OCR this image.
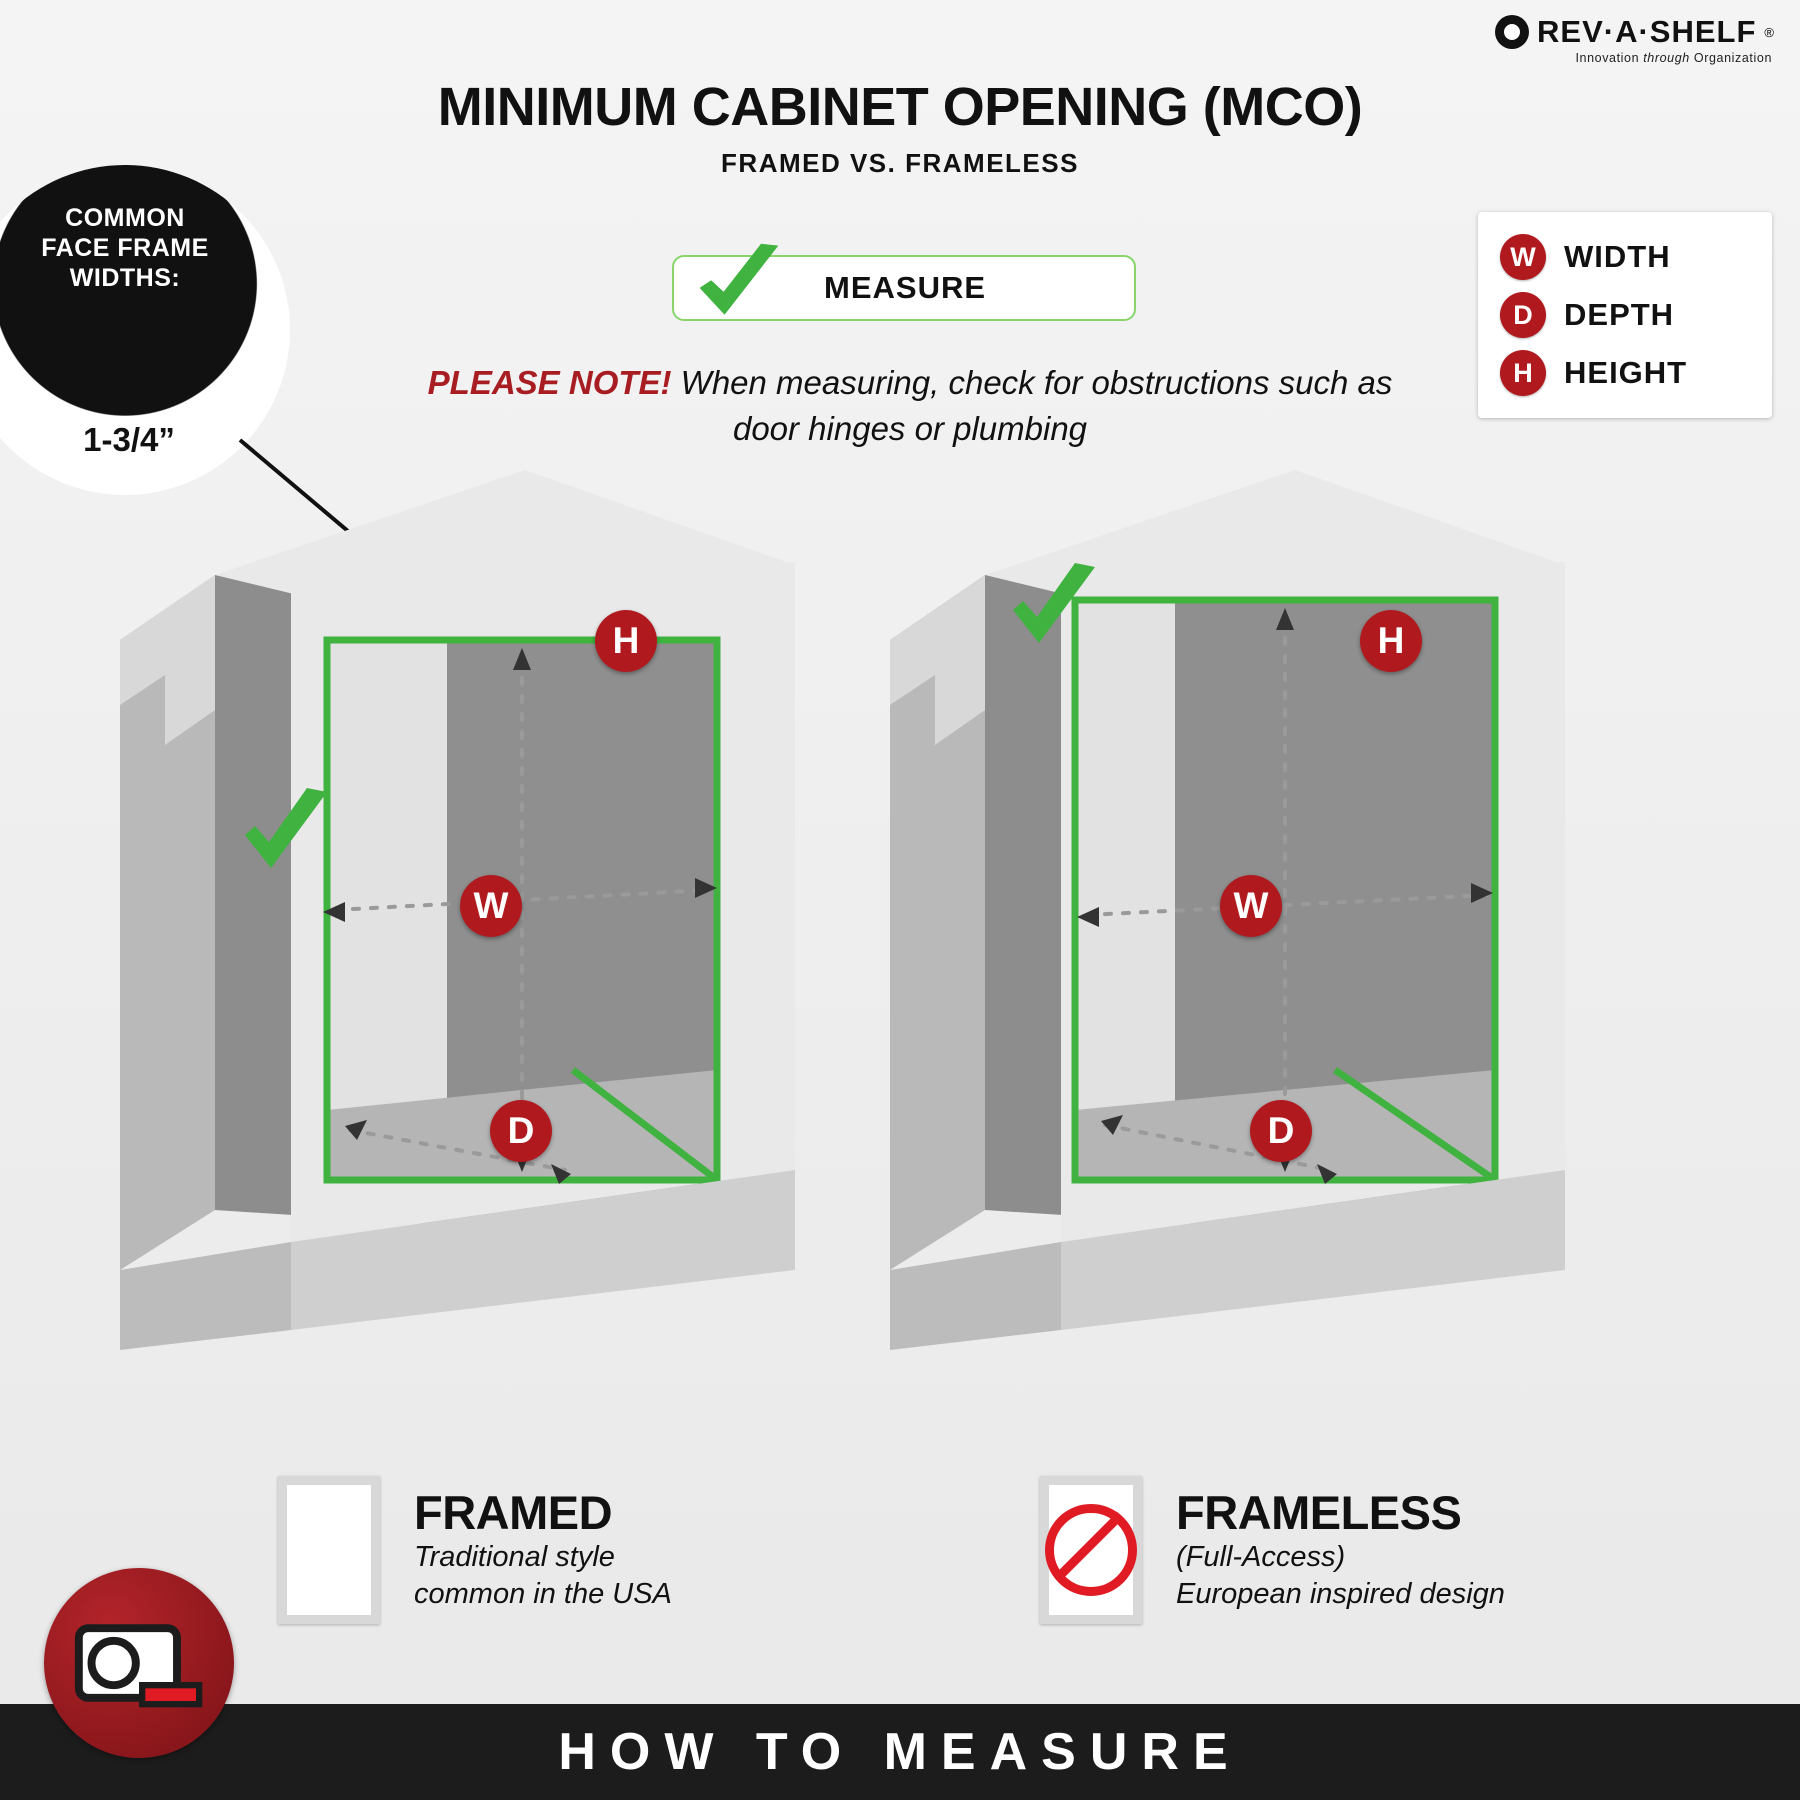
REV·A·SHELF ®
Innovation through Organization
MINIMUM CABINET OPENING (MCO)
FRAMED VS. FRAMELESS
MEASURE
PLEASE NOTE! When measuring, check for obstructions such as door hinges or plumbing
COMMON
FACE FRAME
WIDTHS:
1-1/2”
1-5/8”
1-3/4”
W WIDTH
D	DEPTH
H	HEIGHT
H
W
D
H
W
D
FRAMED
Traditional style
common in the USA
FRAMELESS
(Full-Access)
European inspired design
HOW TO MEASURE
